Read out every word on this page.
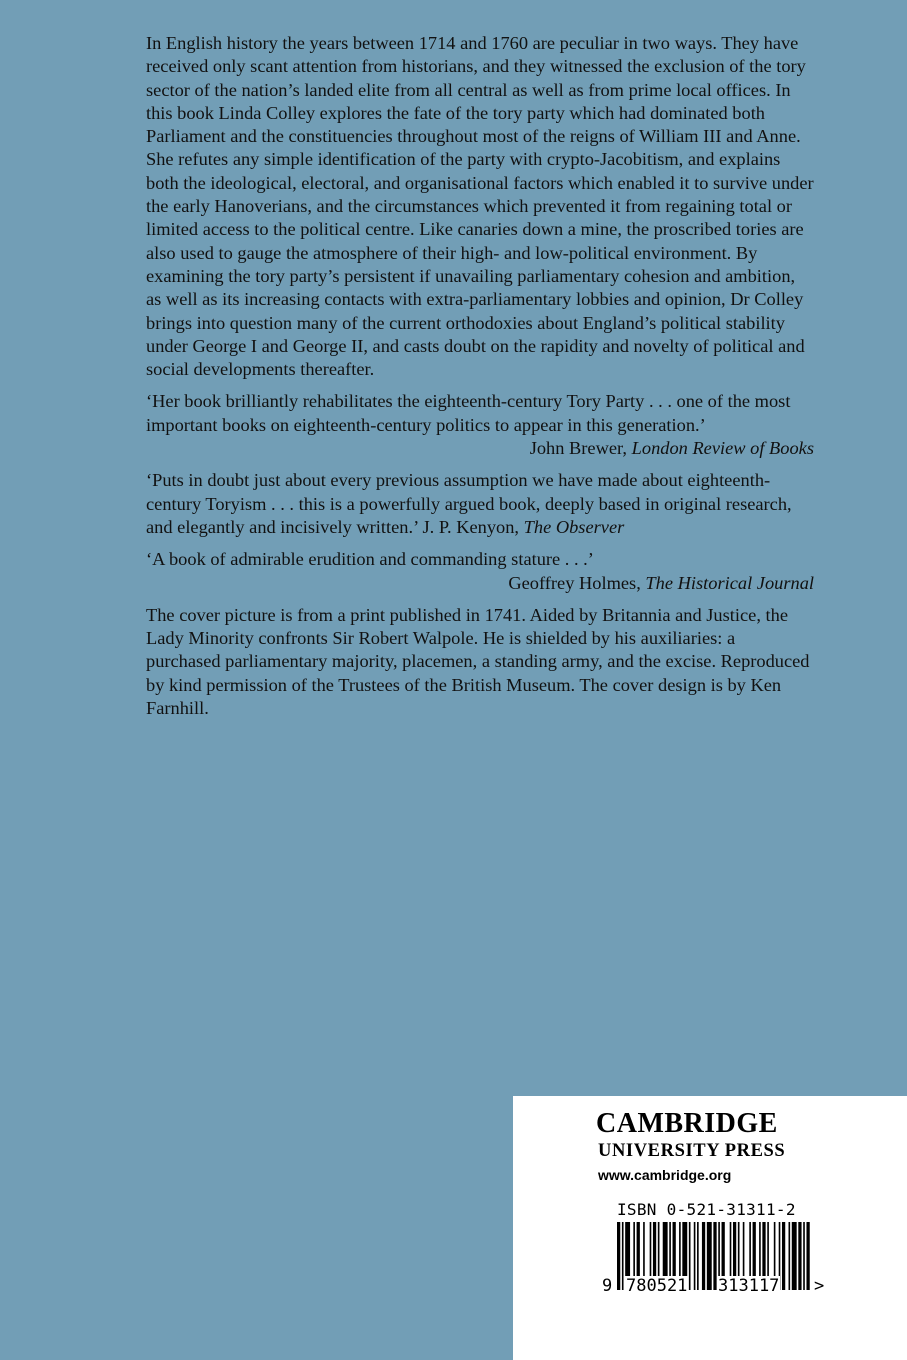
In English history the years between 1714 and 1760 are peculiar in two ways. They have received only scant attention from historians, and they witnessed the exclusion of the tory sector of the nation’s landed elite from all central as well as from prime local offices. In this book Linda Colley explores the fate of the tory party which had dominated both Parliament and the constituencies throughout most of the reigns of William III and Anne. She refutes any simple identification of the party with crypto-Jacobitism, and explains both the ideological, electoral, and organisational factors which enabled it to survive under the early Hanoverians, and the circumstances which prevented it from regaining total or limited access to the political centre. Like canaries down a mine, the proscribed tories are also used to gauge the atmosphere of their high- and low-political environment. By examining the tory party’s persistent if unavailing parliamentary cohesion and ambition, as well as its increasing contacts with extra-parliamentary lobbies and opinion, Dr Colley brings into question many of the current orthodoxies about England’s political stability under George I and George II, and casts doubt on the rapidity and novelty of political and social developments thereafter.

‘Her book brilliantly rehabilitates the eighteenth-century Tory Party . . . one of the most important books on eighteenth-century politics to appear in this generation.’

John Brewer, London Review of Books

‘Puts in doubt just about every previous assumption we have made about eighteenth-century Toryism . . . this is a powerfully argued book, deeply based in original research, and elegantly and incisively written.’ J. P. Kenyon, The Observer

‘A book of admirable erudition and commanding stature . . .’

Geoffrey Holmes, The Historical Journal

The cover picture is from a print published in 1741. Aided by Britannia and Justice, the Lady Minority confronts Sir Robert Walpole. He is shielded by his auxiliaries: a purchased parliamentary majority, placemen, a standing army, and the excise. Reproduced by kind permission of the Trustees of the British Museum. The cover design is by Ken Farnhill.

CAMBRIDGE
UNIVERSITY PRESS
www.cambridge.org
ISBN 0-521-31311-2
9 780521 313117 >
